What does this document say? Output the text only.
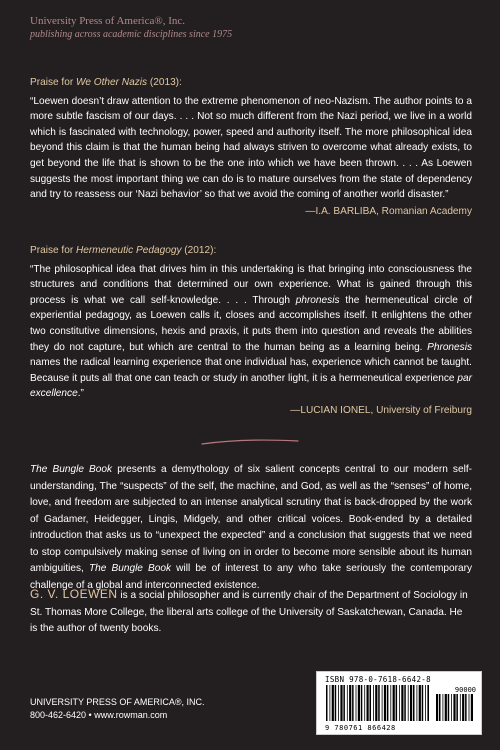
University Press of America®, Inc.
publishing across academic disciplines since 1975
Praise for We Other Nazis (2013):
“Loewen doesn’t draw attention to the extreme phenomenon of neo-Nazism. The author points to a more subtle fascism of our days. . . . Not so much different from the Nazi period, we live in a world which is fascinated with technology, power, speed and authority itself. The more philosophical idea beyond this claim is that the human being had always striven to overcome what already exists, to get beyond the life that is shown to be the one into which we have been thrown. . . . As Loewen suggests the most important thing we can do is to mature ourselves from the state of dependency and try to reassess our ‘Nazi behavior’ so that we avoid the coming of another world disaster.”
—I.A. BARLIBA, Romanian Academy
Praise for Hermeneutic Pedagogy (2012):
“The philosophical idea that drives him in this undertaking is that bringing into consciousness the structures and conditions that determined our own experience. What is gained through this process is what we call self-knowledge. . . . Through phronesis the hermeneutical circle of experiential pedagogy, as Loewen calls it, closes and accomplishes itself. It enlightens the other two constitutive dimensions, hexis and praxis, it puts them into question and reveals the abilities they do not capture, but which are central to the human being as a learning being. Phronesis names the radical learning experience that one individual has, experience which cannot be taught. Because it puts all that one can teach or study in another light, it is a hermeneutical experience par excellence.”
—LUCIAN IONEL, University of Freiburg
The Bungle Book presents a demythology of six salient concepts central to our modern self-understanding, The “suspects” of the self, the machine, and God, as well as the “senses” of home, love, and freedom are subjected to an intense analytical scrutiny that is back-dropped by the work of Gadamer, Heidegger, Lingis, Midgely, and other critical voices. Book-ended by a detailed introduction that asks us to “unexpect the expected” and a conclusion that suggests that we need to stop compulsively making sense of living on in order to become more sensible about its human ambiguities, The Bungle Book will be of interest to any who take seriously the contemporary challenge of a global and interconnected existence.
G. V. LOEWEN is a social philosopher and is currently chair of the Department of Sociology in St. Thomas More College, the liberal arts college of the University of Saskatchewan, Canada. He is the author of twenty books.
UNIVERSITY PRESS OF AMERICA®, INC.
800-462-6420 • www.rowman.com
ISBN 978-0-7618-6642-8
90000
9 780761 866428
